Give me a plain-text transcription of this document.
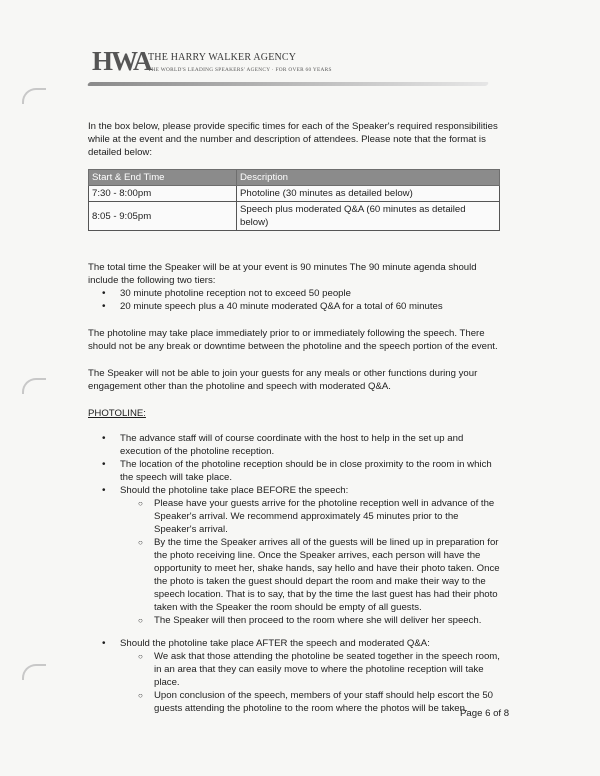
HWA
THE HARRY WALKER AGENCY
THE WORLD'S LEADING SPEAKERS' AGENCY · FOR OVER 60 YEARS

In the box below, please provide specific times for each of the Speaker's required responsibilities while at the event and the number and description of attendees. Please note that the format is detailed below:

Start & End Time	Description
7:30 - 8:00pm	Photoline (30 minutes as detailed below)
8:05 - 9:05pm	Speech plus moderated Q&A (60 minutes as detailed below)

The total time the Speaker will be at your event is 90 minutes The 90 minute agenda should include the following two tiers:

• 30 minute photoline reception not to exceed 50 people
• 20 minute speech plus a 40 minute moderated Q&A for a total of 60 minutes

The photoline may take place immediately prior to or immediately following the speech. There should not be any break or downtime between the photoline and the speech portion of the event.

The Speaker will not be able to join your guests for any meals or other functions during your engagement other than the photoline and speech with moderated Q&A.

PHOTOLINE:

• The advance staff will of course coordinate with the host to help in the set up and execution of the photoline reception.
• The location of the photoline reception should be in close proximity to the room in which the speech will take place.
• Should the photoline take place BEFORE the speech:
○ Please have your guests arrive for the photoline reception well in advance of the Speaker's arrival. We recommend approximately 45 minutes prior to the Speaker's arrival.
○ By the time the Speaker arrives all of the guests will be lined up in preparation for the photo receiving line. Once the Speaker arrives, each person will have the opportunity to meet her, shake hands, say hello and have their photo taken. Once the photo is taken the guest should depart the room and make their way to the speech location. That is to say, that by the time the last guest has had their photo taken with the Speaker the room should be empty of all guests.
○ The Speaker will then proceed to the room where she will deliver her speech.
• Should the photoline take place AFTER the speech and moderated Q&A:
○ We ask that those attending the photoline be seated together in the speech room, in an area that they can easily move to where the photoline reception will take place.
○ Upon conclusion of the speech, members of your staff should help escort the 50 guests attending the photoline to the room where the photos will be taken.
Page 6 of 8
